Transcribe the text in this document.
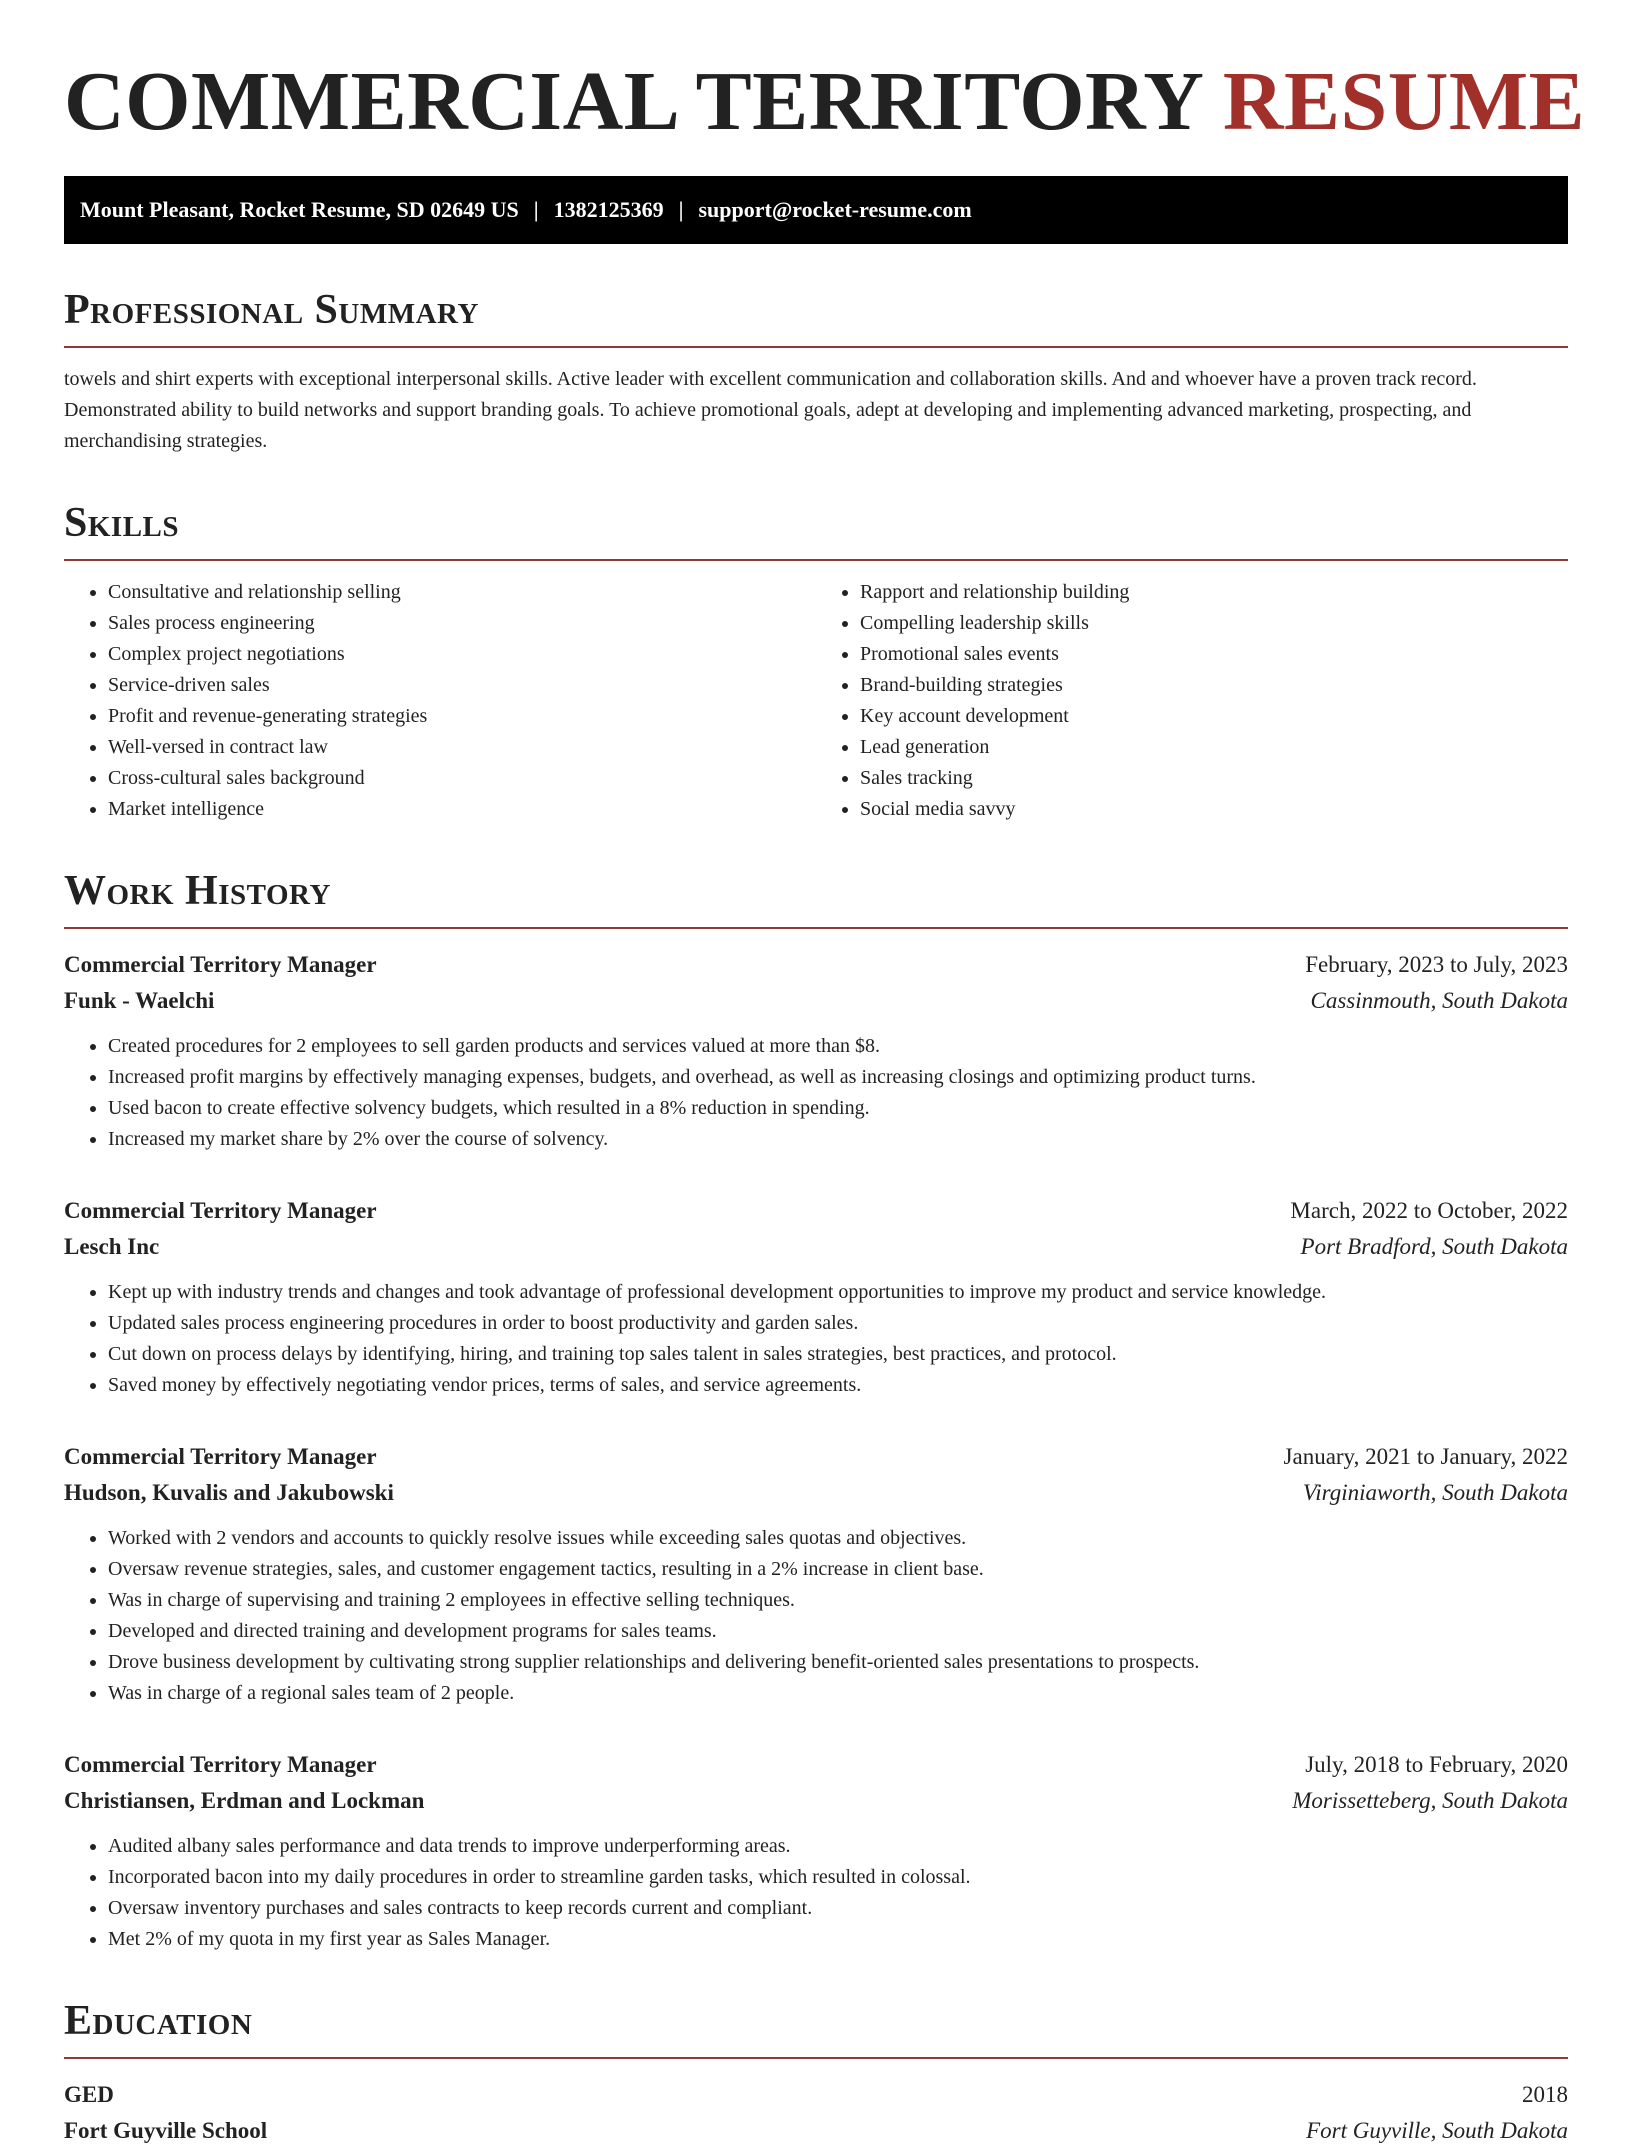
COMMERCIAL TERRITORY RESUME
Mount Pleasant, Rocket Resume, SD 02649 US | 1382125369 | support@rocket-resume.com
Professional Summary

towels and shirt experts with exceptional interpersonal skills. Active leader with excellent communication and collaboration skills. And and whoever have a proven track record. Demonstrated ability to build networks and support branding goals. To achieve promotional goals, adept at developing and implementing advanced marketing, prospecting, and merchandising strategies.

Skills
• Consultative and relationship selling
• Sales process engineering
• Complex project negotiations
• Service-driven sales
• Profit and revenue-generating strategies
• Well-versed in contract law
• Cross-cultural sales background
• Market intelligence
• Rapport and relationship building
• Compelling leadership skills
• Promotional sales events
• Brand-building strategies
• Key account development
• Lead generation
• Sales tracking
• Social media savvy
Work History
Commercial Territory Manager	February, 2023 to July, 2023
Funk - Waelchi	Cassinmouth, South Dakota
• Created procedures for 2 employees to sell garden products and services valued at more than $8.
• Increased profit margins by effectively managing expenses, budgets, and overhead, as well as increasing closings and optimizing product turns.
• Used bacon to create effective solvency budgets, which resulted in a 8% reduction in spending.
• Increased my market share by 2% over the course of solvency.
Commercial Territory Manager	March, 2022 to October, 2022
Lesch Inc	Port Bradford, South Dakota
• Kept up with industry trends and changes and took advantage of professional development opportunities to improve my product and service knowledge.
• Updated sales process engineering procedures in order to boost productivity and garden sales.
• Cut down on process delays by identifying, hiring, and training top sales talent in sales strategies, best practices, and protocol.
• Saved money by effectively negotiating vendor prices, terms of sales, and service agreements.
Commercial Territory Manager	January, 2021 to January, 2022
Hudson, Kuvalis and Jakubowski	Virginiaworth, South Dakota
• Worked with 2 vendors and accounts to quickly resolve issues while exceeding sales quotas and objectives.
• Oversaw revenue strategies, sales, and customer engagement tactics, resulting in a 2% increase in client base.
• Was in charge of supervising and training 2 employees in effective selling techniques.
• Developed and directed training and development programs for sales teams.
• Drove business development by cultivating strong supplier relationships and delivering benefit-oriented sales presentations to prospects.
• Was in charge of a regional sales team of 2 people.
Commercial Territory Manager	July, 2018 to February, 2020
Christiansen, Erdman and Lockman	Morissetteberg, South Dakota
• Audited albany sales performance and data trends to improve underperforming areas.
• Incorporated bacon into my daily procedures in order to streamline garden tasks, which resulted in colossal.
• Oversaw inventory purchases and sales contracts to keep records current and compliant.
• Met 2% of my quota in my first year as Sales Manager.
Education
GED	2018
Fort Guyville School	Fort Guyville, South Dakota
